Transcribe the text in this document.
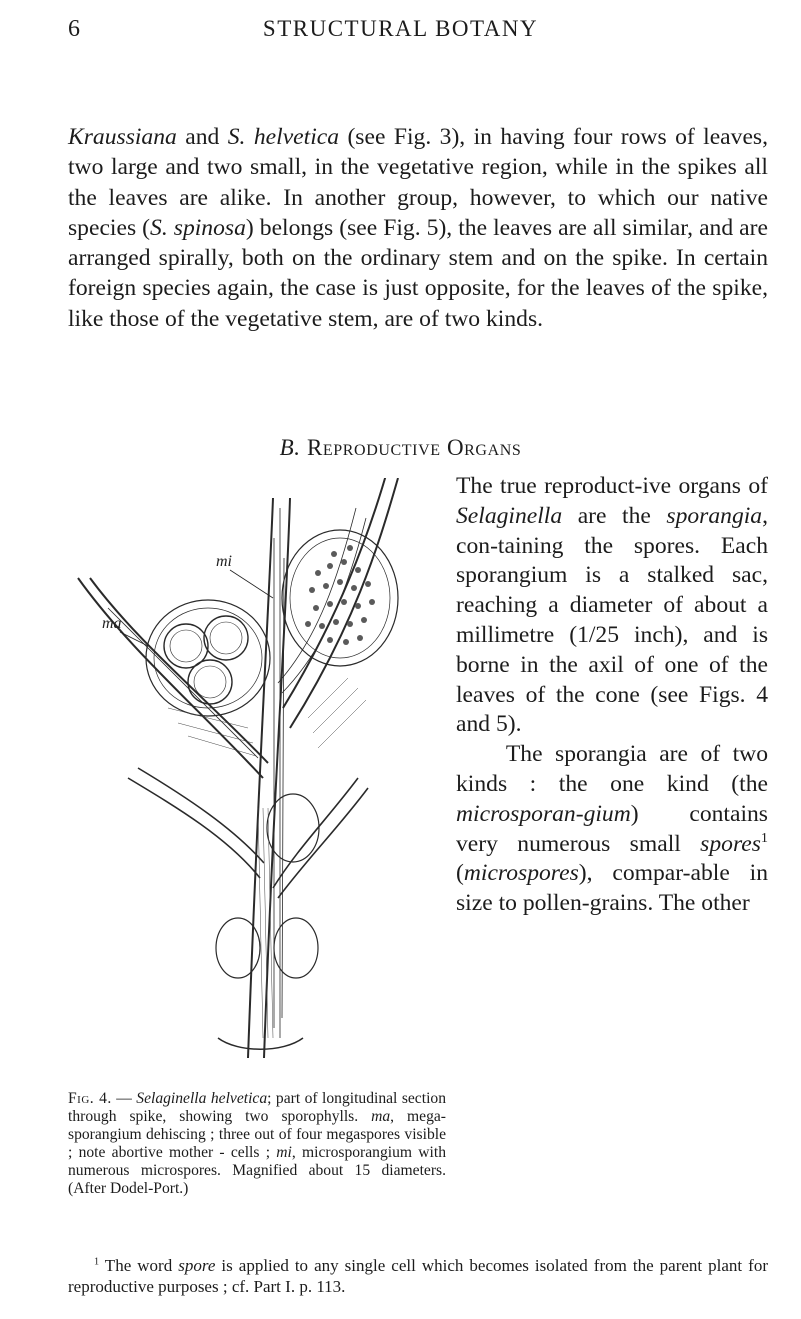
6	STRUCTURAL BOTANY

Kraussiana and S. helvetica (see Fig. 3), in having four rows of leaves, two large and two small, in the vegetative region, while in the spikes all the leaves are alike. In another group, however, to which our native species (S. spinosa) belongs (see Fig. 5), the leaves are all similar, and are arranged spirally, both on the ordinary stem and on the spike. In certain foreign species again, the case is just opposite, for the leaves of the spike, like those of the vegetative stem, are of two kinds.

B. Reproductive Organs
mi
ma

Fig. 4. — Selaginella helvetica; part of longitudinal section through spike, showing two sporophylls. ma, mega-sporangium dehiscing ; three out of four megaspores visible ; note abortive mother - cells ; mi, microsporangium with numerous microspores. Magnified about 15 diameters. (After Dodel-Port.)

The true reproduct-ive organs of Selaginella are the sporangia, con-taining the spores. Each sporangium is a stalked sac, reaching a diameter of about a millimetre (1/25 inch), and is borne in the axil of one of the leaves of the cone (see Figs. 4 and 5).
The sporangia are of two kinds : the one kind (the microsporan-gium) contains very numerous small spores$^1$ (microspores), compar-able in size to pollen-grains. The other

$^1$ The word spore is applied to any single cell which becomes isolated from the parent plant for reproductive purposes ; cf. Part I. p. 113.
